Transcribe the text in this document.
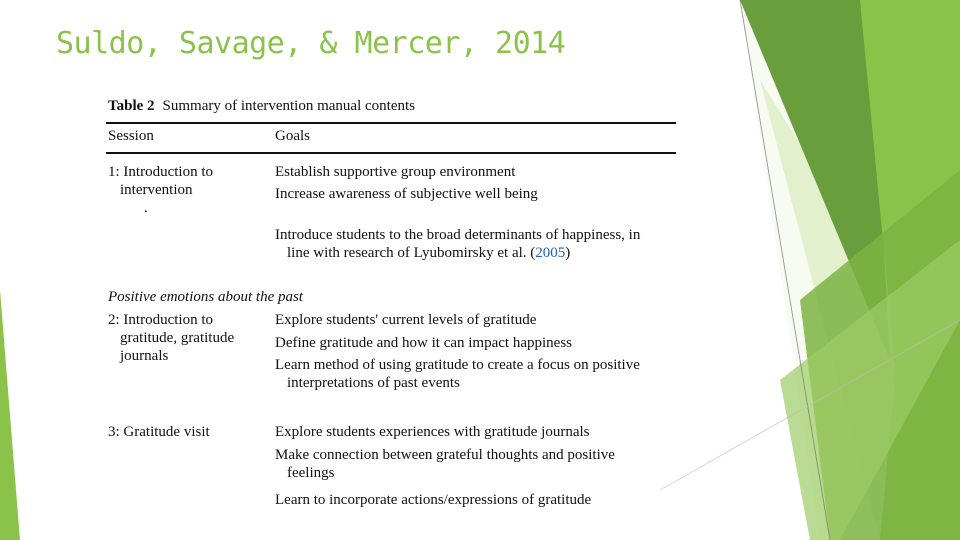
Suldo, Savage, & Mercer, 2014
Table 2 Summary of intervention manual contents
Session	Goals
1: Introduction to
intervention
.
Establish supportive group environment
Increase awareness of subjective well being
Introduce students to the broad determinants of happiness, in
line with research of Lyubomirsky et al. (2005)
Positive emotions about the past
2: Introduction to
gratitude, gratitude
journals
Explore students' current levels of gratitude
Define gratitude and how it can impact happiness
Learn method of using gratitude to create a focus on positive
interpretations of past events
3: Gratitude visit	Explore students experiences with gratitude journals
Make connection between grateful thoughts and positive
feelings
Learn to incorporate actions/expressions of gratitude
